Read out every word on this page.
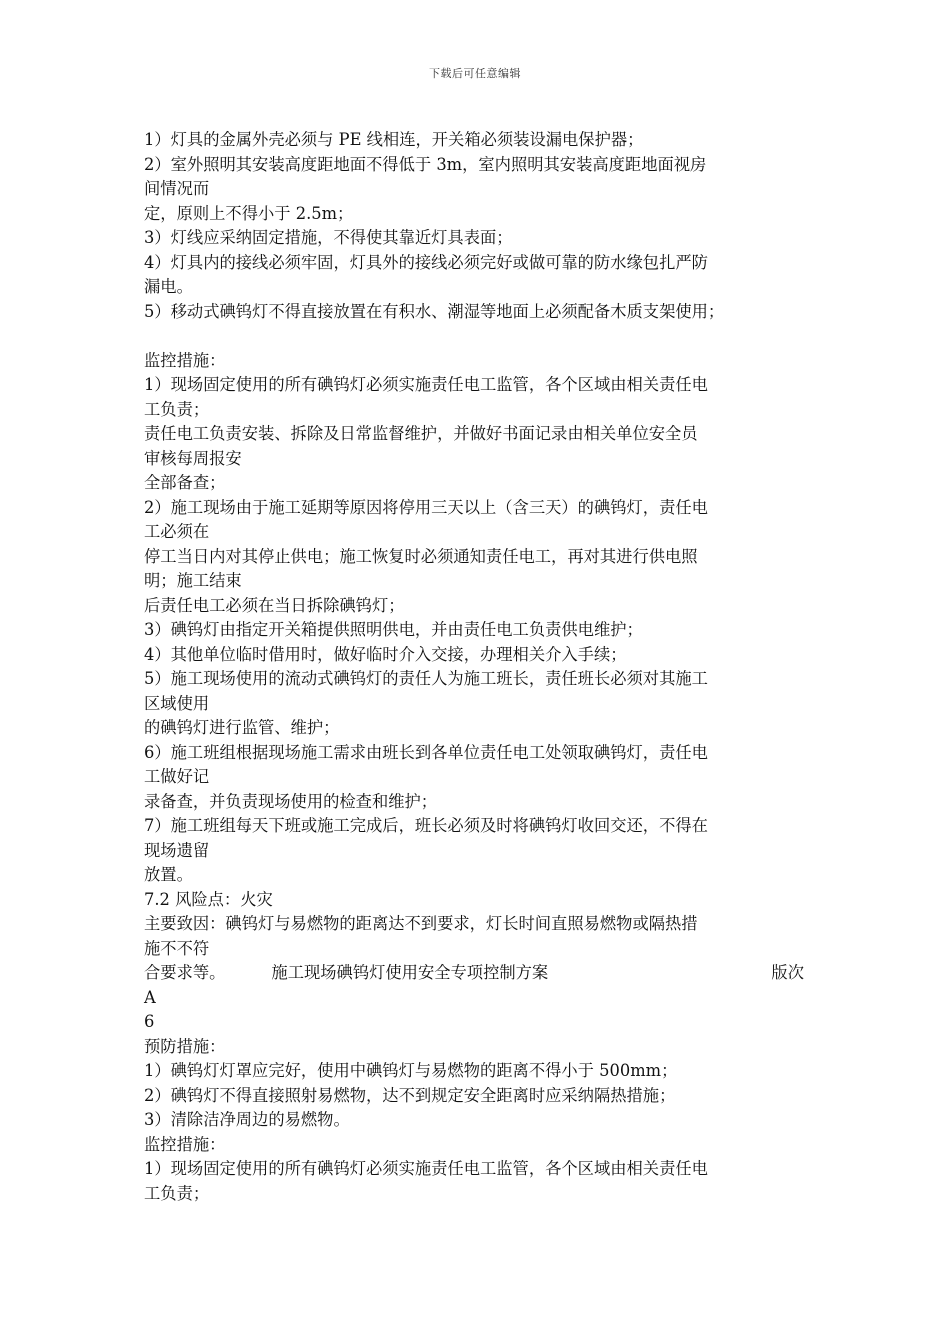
下载后可任意编辑
1）灯具的金属外壳必须与 PE 线相连，开关箱必须装设漏电保护器；
2）室外照明其安装高度距地面不得低于 3m，室内照明其安装高度距地面视房
间情况而
定，原则上不得小于 2.5m；
3）灯线应采纳固定措施，不得使其靠近灯具表面；
4）灯具内的接线必须牢固，灯具外的接线必须完好或做可靠的防水缘包扎严防
漏电。
5）移动式碘钨灯不得直接放置在有积水、潮湿等地面上必须配备木质支架使用；
监控措施：
1）现场固定使用的所有碘钨灯必须实施责任电工监管，各个区域由相关责任电
工负责；
责任电工负责安装、拆除及日常监督维护，并做好书面记录由相关单位安全员
审核每周报安
全部备查；
2）施工现场由于施工延期等原因将停用三天以上（含三天）的碘钨灯，责任电
工必须在
停工当日内对其停止供电；施工恢复时必须通知责任电工，再对其进行供电照
明；施工结束
后责任电工必须在当日拆除碘钨灯；
3）碘钨灯由指定开关箱提供照明供电，并由责任电工负责供电维护；
4）其他单位临时借用时，做好临时介入交接，办理相关介入手续；
5）施工现场使用的流动式碘钨灯的责任人为施工班长，责任班长必须对其施工
区域使用
的碘钨灯进行监管、维护；
6）施工班组根据现场施工需求由班长到各单位责任电工处领取碘钨灯，责任电
工做好记
录备查，并负责现场使用的检查和维护；
7）施工班组每天下班或施工完成后，班长必须及时将碘钨灯收回交还，不得在
现场遗留
放置。
7.2 风险点：火灾
主要致因：碘钨灯与易燃物的距离达不到要求，灯长时间直照易燃物或隔热措
施不不符
合要求等。	施工现场碘钨灯使用安全专项控制方案	版次
A
6
预防措施：
1）碘钨灯灯罩应完好，使用中碘钨灯与易燃物的距离不得小于 500mm；
2）碘钨灯不得直接照射易燃物，达不到规定安全距离时应采纳隔热措施；
3）清除洁净周边的易燃物。
监控措施：
1）现场固定使用的所有碘钨灯必须实施责任电工监管，各个区域由相关责任电
工负责；
